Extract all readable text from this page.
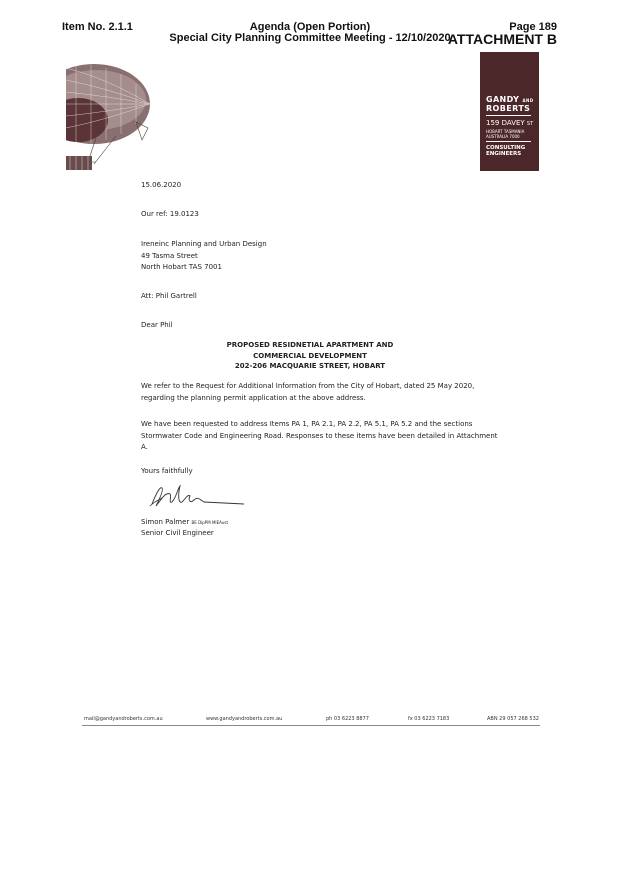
Item No. 2.1.1	Agenda (Open Portion)
Special City Planning Committee Meeting - 12/10/2020
Page 189
ATTACHMENT B
GANDY AND
ROBERTS
159 DAVEY ST
HOBART TASMANIA
AUSTRALIA 7000
CONSULTING
ENGINEERS
15.06.2020
Our ref: 19.0123
Ireneinc Planning and Urban Design
49 Tasma Street
North Hobart TAS 7001
Att: Phil Gartrell
Dear Phil
PROPOSED RESIDNETIAL APARTMENT AND
COMMERCIAL DEVELOPMENT
202-206 MACQUARIE STREET, HOBART
We refer to the Request for Additional Information from the City of Hobart, dated 25 May 2020,
regarding the planning permit application at the above address.
We have been requested to address Items PA 1, PA 2.1, PA 2.2, PA 5.1, PA 5.2 and the sections
Stormwater Code and Engineering Road. Responses to these items have been detailed in Attachment
A.
Yours faithfully
Simon Palmer BE DipPM MIEAust
Senior Civil Engineer
mail@gandyandroberts.com.au	www.gandyandroberts.com.au	ph 03 6223 8877	fx 03 6223 7183	ABN 29 057 268 532
